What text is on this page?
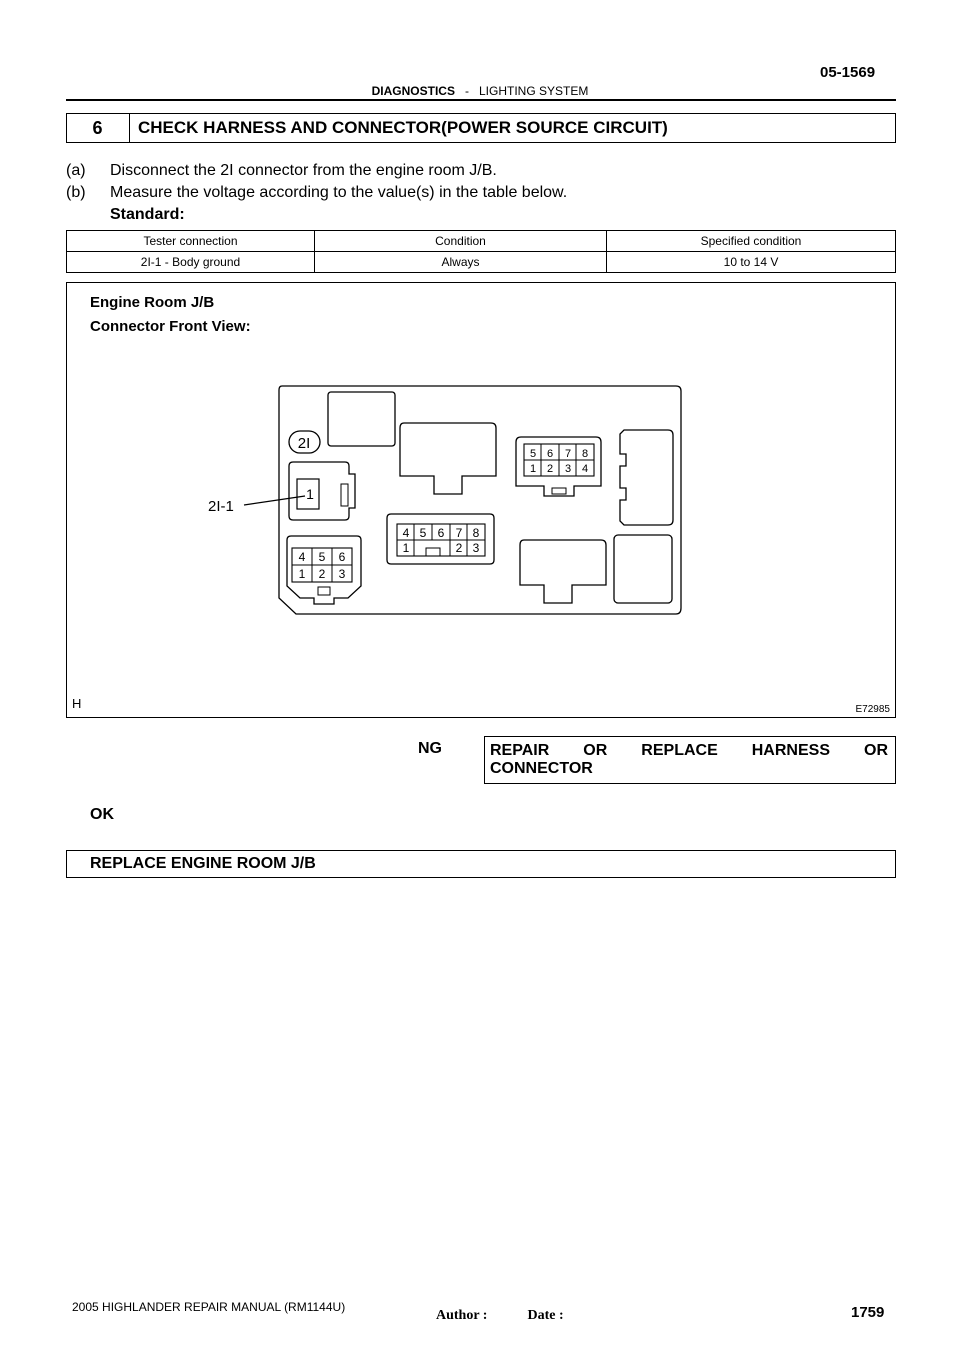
05-1569
DIAGNOSTICS - LIGHTING SYSTEM
6	CHECK HARNESS AND CONNECTOR(POWER SOURCE CIRCUIT)
(a) Disconnect the 2I connector from the engine room J/B.
(b) Measure the voltage according to the value(s) in the table below.
Standard:
Tester connection	Condition	Specified condition
2I-1 - Body ground	Always	10 to 14 V
Engine Room J/B
Connector Front View:
2I
1
2I-1
4 5 6
1 2 3
4 5 6 7 8
1	2 3
5 6 7 8
1 2 3 4
H	E72985
NG	REPAIR OR REPLACE HARNESS OR
CONNECTOR
OK
REPLACE ENGINE ROOM J/B
2005 HIGHLANDER REPAIR MANUAL (RM1144U)
Author :	Date :	1759
